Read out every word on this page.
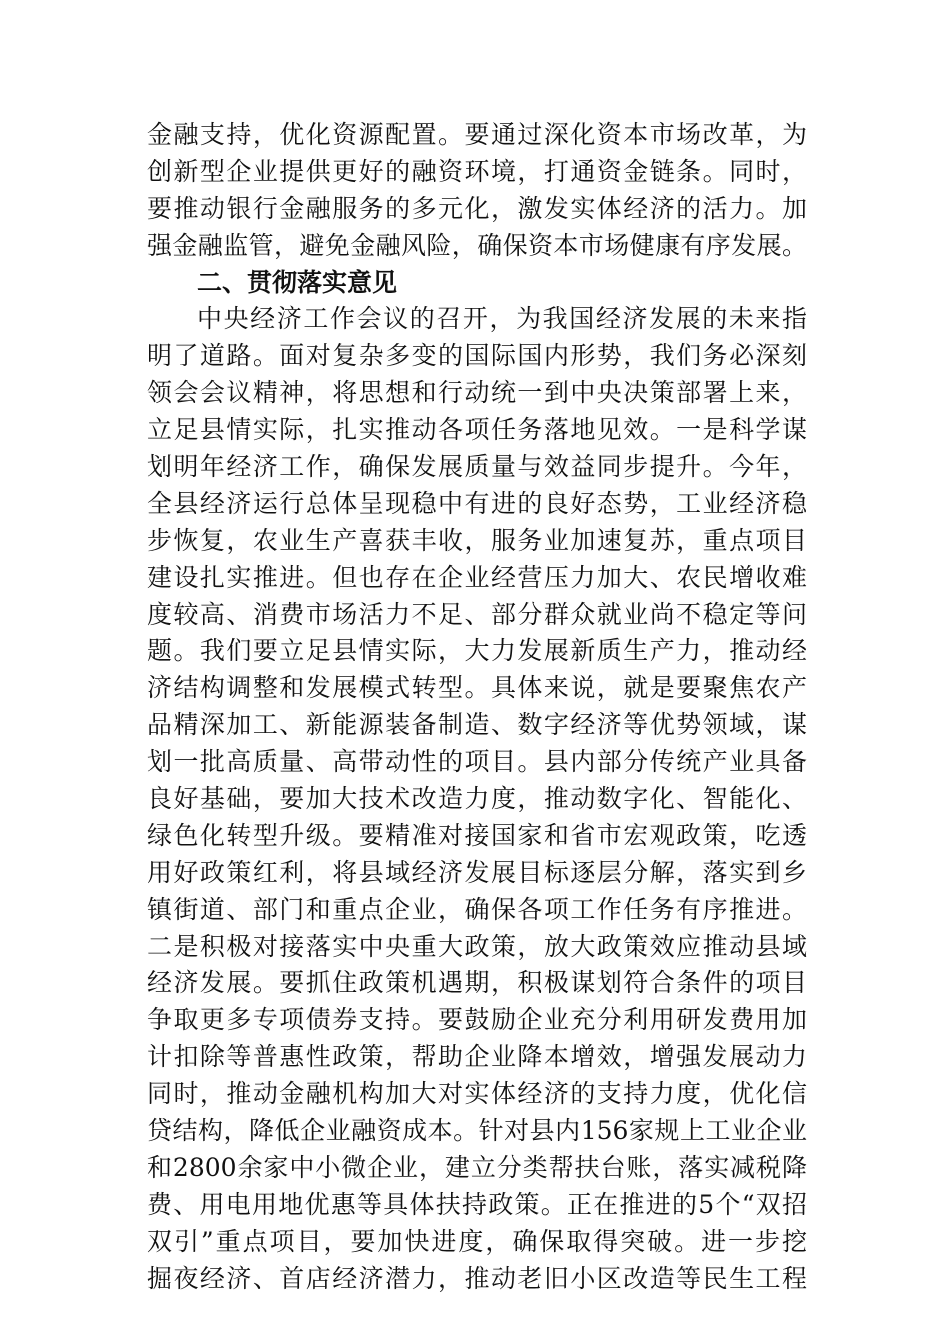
金融支持，优化资源配置。要通过深化资本市场改革，为
创新型企业提供更好的融资环境，打通资金链条。同时，
要推动银行金融服务的多元化，激发实体经济的活力。加
强金融监管，避免金融风险，确保资本市场健康有序发展。
二、贯彻落实意见
中央经济工作会议的召开，为我国经济发展的未来指
明了道路。面对复杂多变的国际国内形势，我们务必深刻
领会会议精神，将思想和行动统一到中央决策部署上来，
立足县情实际，扎实推动各项任务落地见效。一是科学谋
划明年经济工作，确保发展质量与效益同步提升。今年，
全县经济运行总体呈现稳中有进的良好态势，工业经济稳
步恢复，农业生产喜获丰收，服务业加速复苏，重点项目
建设扎实推进。但也存在企业经营压力加大、农民增收难
度较高、消费市场活力不足、部分群众就业尚不稳定等问
题。我们要立足县情实际，大力发展新质生产力，推动经
济结构调整和发展模式转型。具体来说，就是要聚焦农产
品精深加工、新能源装备制造、数字经济等优势领域，谋
划一批高质量、高带动性的项目。县内部分传统产业具备
良好基础，要加大技术改造力度，推动数字化、智能化、
绿色化转型升级。要精准对接国家和省市宏观政策，吃透
用好政策红利，将县域经济发展目标逐层分解，落实到乡
镇街道、部门和重点企业，确保各项工作任务有序推进。
二是积极对接落实中央重大政策，放大政策效应推动县域
经济发展。要抓住政策机遇期，积极谋划符合条件的项目
争取更多专项债券支持。要鼓励企业充分利用研发费用加
计扣除等普惠性政策，帮助企业降本增效，增强发展动力
同时，推动金融机构加大对实体经济的支持力度，优化信
贷结构，降低企业融资成本。针对县内156家规上工业企业
和2800余家中小微企业，建立分类帮扶台账，落实减税降
费、用电用地优惠等具体扶持政策。正在推进的5个“双招
双引”重点项目，要加快进度，确保取得突破。进一步挖
掘夜经济、首店经济潜力，推动老旧小区改造等民生工程
